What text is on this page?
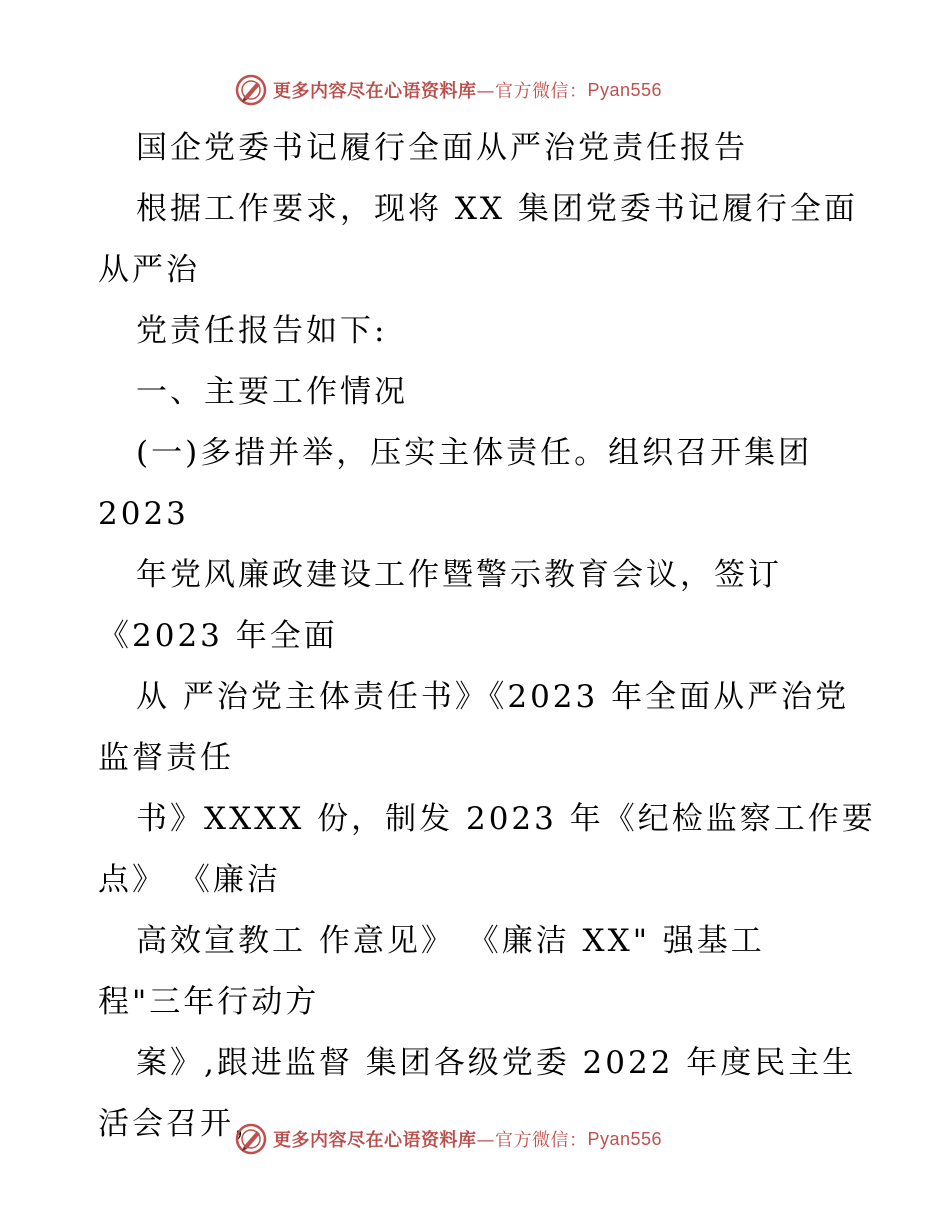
更多内容尽在心语资料库 —官方微信： Pyan556
国企党委书记履行全面从严治党责任报告
根据工作要求，现将 XX 集团党委书记履行全面
从严治
党责任报告如下:
一、主要工作情况
(一)多措并举，压实主体责任。组织召开集团
2023
年党风廉政建设工作暨警示教育会议，签订
《2023 年全面
从 严治党主体责任书》《2023 年全面从严治党
监督责任
书》XXXX 份，制发 2023 年《纪检监察工作要
点》 《廉洁
高效宣教工 作意见》 《廉洁 XX" 强基工
程"三年行动方
案》,跟进监督 集团各级党委 2022 年度民主生
活会召开， 更多内容尽在心语资料库 —官方微信： Pyan556
